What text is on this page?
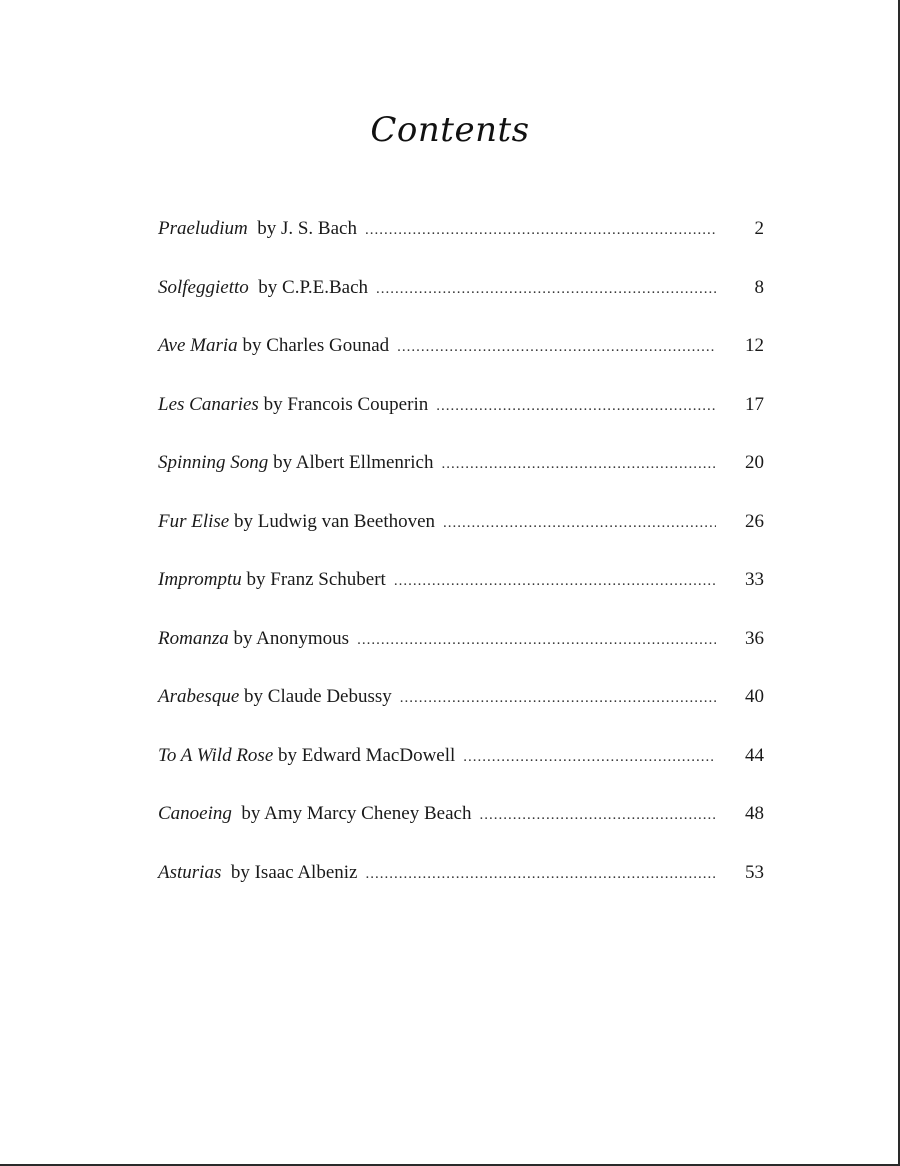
Contents
Praeludium by J. S. Bach .....	2
Solfeggietto by C.P.E.Bach .....	8
Ave Maria by Charles Gounad .....	12
Les Canaries by Francois Couperin .....	17
Spinning Song by Albert Ellmenrich .....	20
Fur Elise by Ludwig van Beethoven .....	26
Impromptu by Franz Schubert .....	33
Romanza by Anonymous .....	36
Arabesque by Claude Debussy .....	40
To A Wild Rose by Edward MacDowell .....	44
Canoeing by Amy Marcy Cheney Beach .....	48
Asturias by Isaac Albeniz .....	53
